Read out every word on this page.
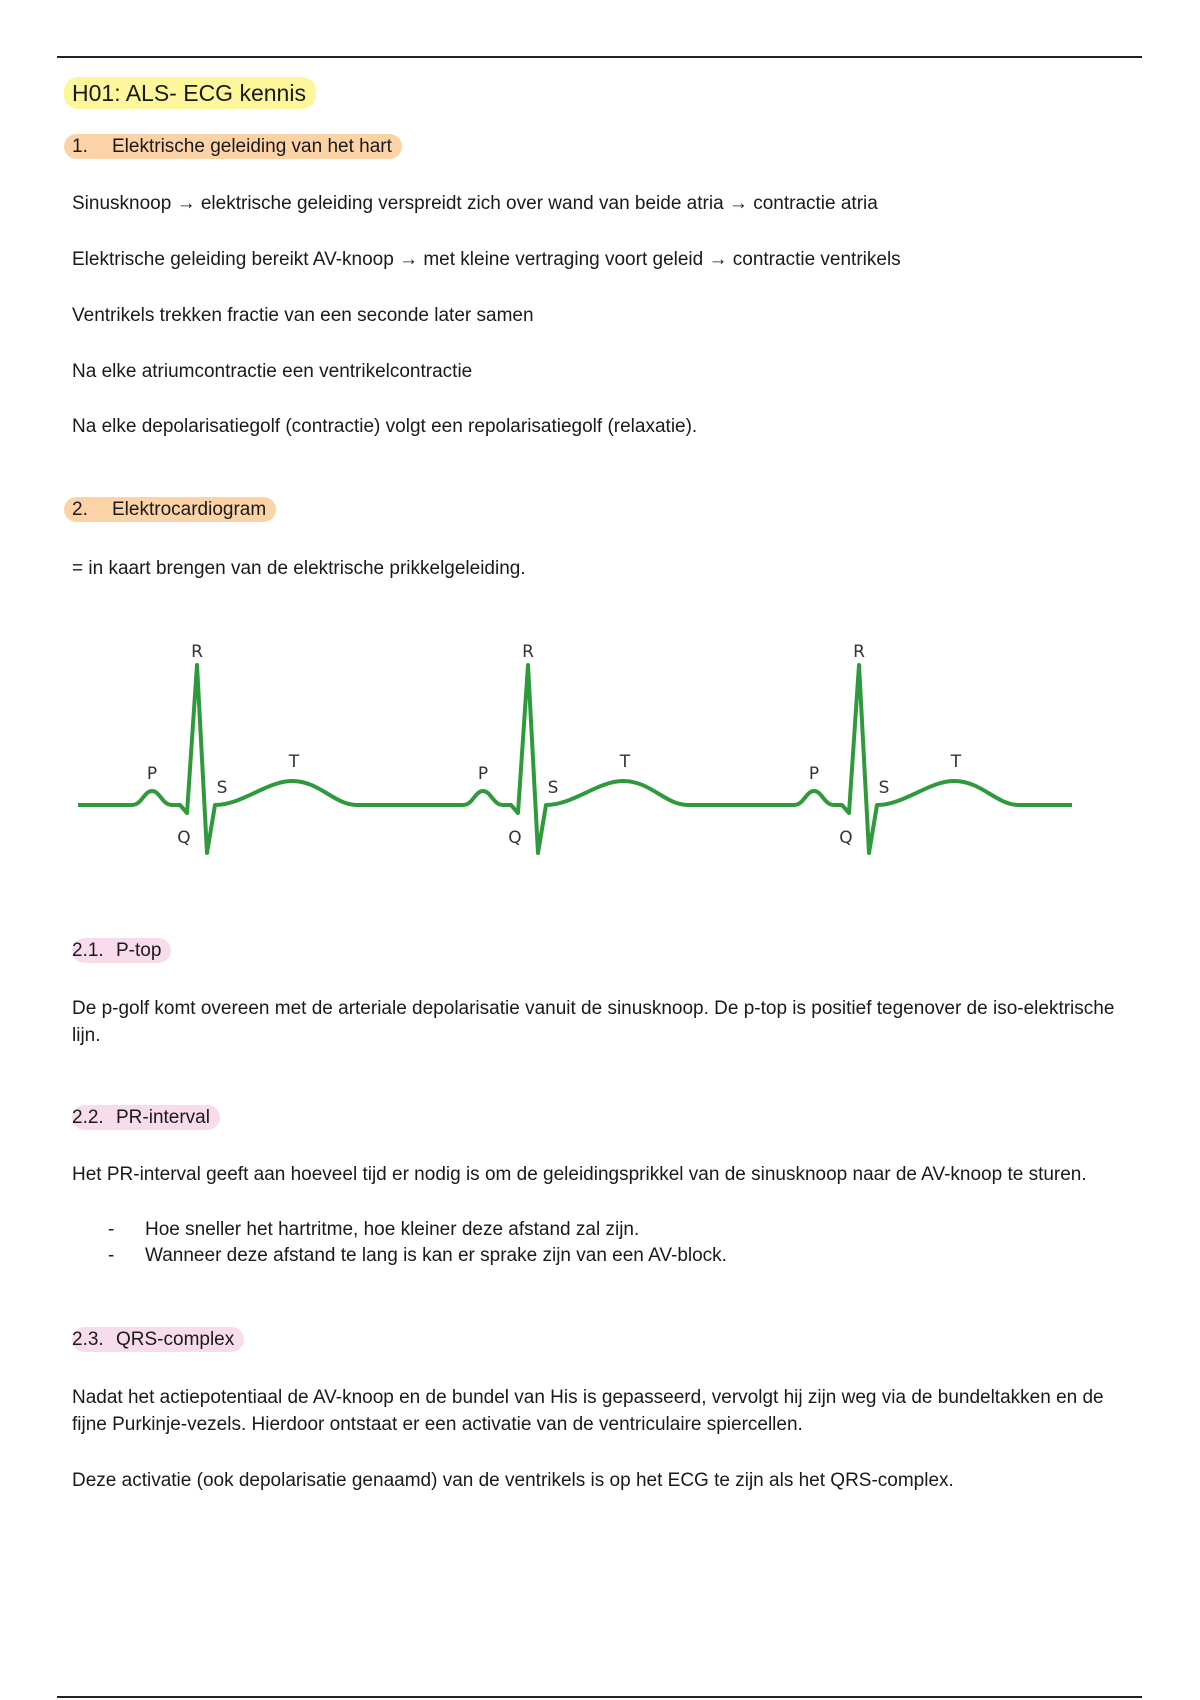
H01: ALS- ECG kennis
1. Elektrische geleiding van het hart
Sinusknoop → elektrische geleiding verspreidt zich over wand van beide atria → contractie atria
Elektrische geleiding bereikt AV-knoop → met kleine vertraging voort geleid → contractie ventrikels
Ventrikels trekken fractie van een seconde later samen
Na elke atriumcontractie een ventrikelcontractie
Na elke depolarisatiegolf (contractie) volgt een repolarisatiegolf (relaxatie).
2. Elektrocardiogram
= in kaart brengen van de elektrische prikkelgeleiding.
2.1. P-top
De p-golf komt overeen met de arteriale depolarisatie vanuit de sinusknoop. De p-top is positief tegenover de iso-elektrische lijn.
2.2. PR-interval
Het PR-interval geeft aan hoeveel tijd er nodig is om de geleidingsprikkel van de sinusknoop naar de AV-knoop te sturen.
- Hoe sneller het hartritme, hoe kleiner deze afstand zal zijn.
- Wanneer deze afstand te lang is kan er sprake zijn van een AV-block.
2.3. QRS-complex
Nadat het actiepotentiaal de AV-knoop en de bundel van His is gepasseerd, vervolgt hij zijn weg via de bundeltakken en de fijne Purkinje-vezels. Hierdoor ontstaat er een activatie van de ventriculaire spiercellen.
Deze activatie (ook depolarisatie genaamd) van de ventrikels is op het ECG te zijn als het QRS-complex.
P
Q
R
S
T
P
Q
R
S
T
P
Q
R
S
T
